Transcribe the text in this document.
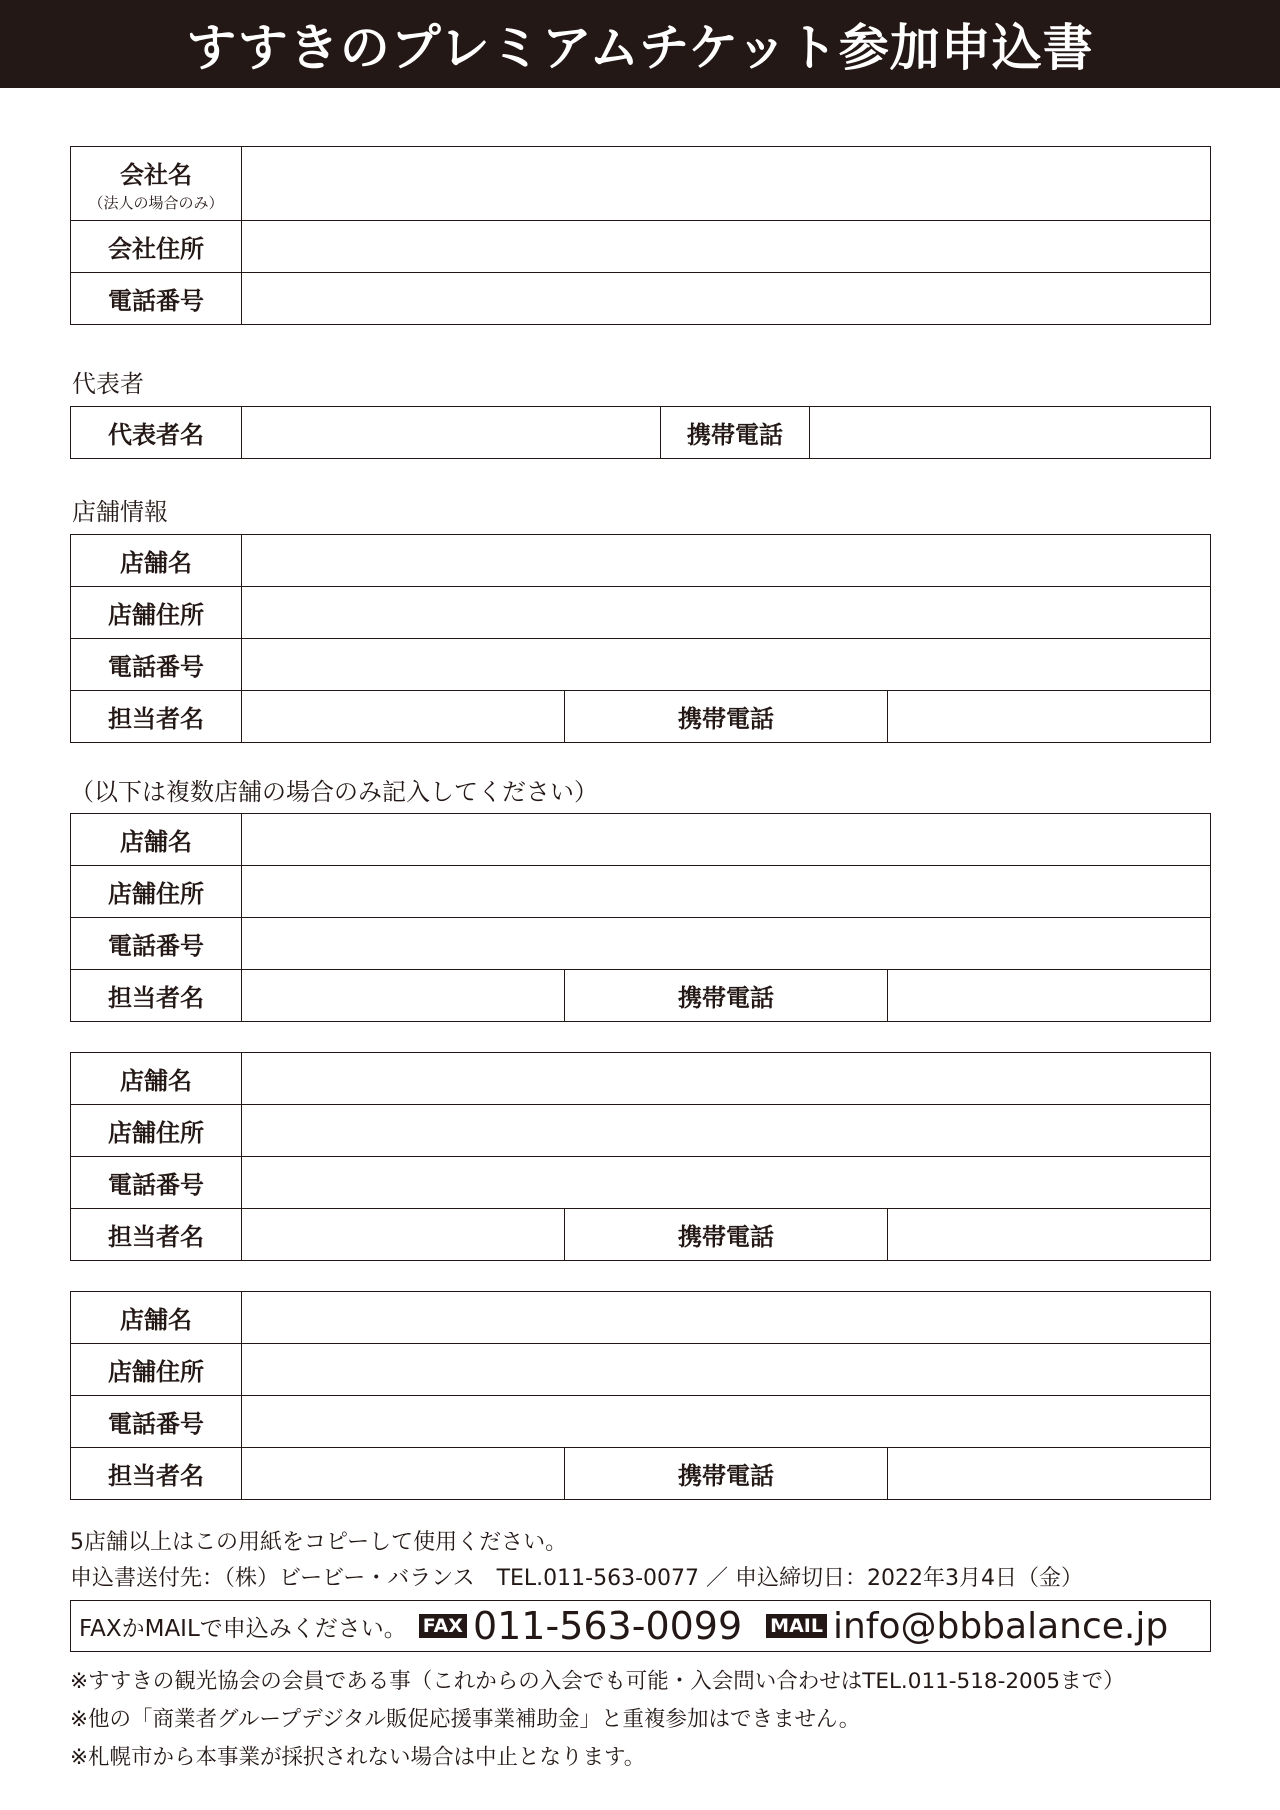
すすきのプレミアムチケット参加申込書
会社名
（法人の場合のみ）	

会社住所	
電話番号	
代表者
代表者名		携帯電話	
店舗情報
店舗名			
店舗住所			
電話番号			
担当者名		携帯電話	
（以下は複数店舗の場合のみ記入してください）
店舗名			
店舗住所			
電話番号			
担当者名		携帯電話	
店舗名			
店舗住所			
電話番号			
担当者名		携帯電話	
店舗名			
店舗住所			
電話番号			
担当者名		携帯電話	
5店舗以上はこの用紙をコピーして使用ください。
申込書送付先：（株）ビービー・バランス　TEL.011-563-0077 ／ 申込締切日：2022年3月4日（金）
FAXかMAILで申込みください。 FAX 011-563-0099 MAIL info@bbbalance.jp
※すすきの観光協会の会員である事（これからの入会でも可能・入会問い合わせはTEL.011-518-2005まで）
※他の「商業者グループデジタル販促応援事業補助金」と重複参加はできません。
※札幌市から本事業が採択されない場合は中止となります。
